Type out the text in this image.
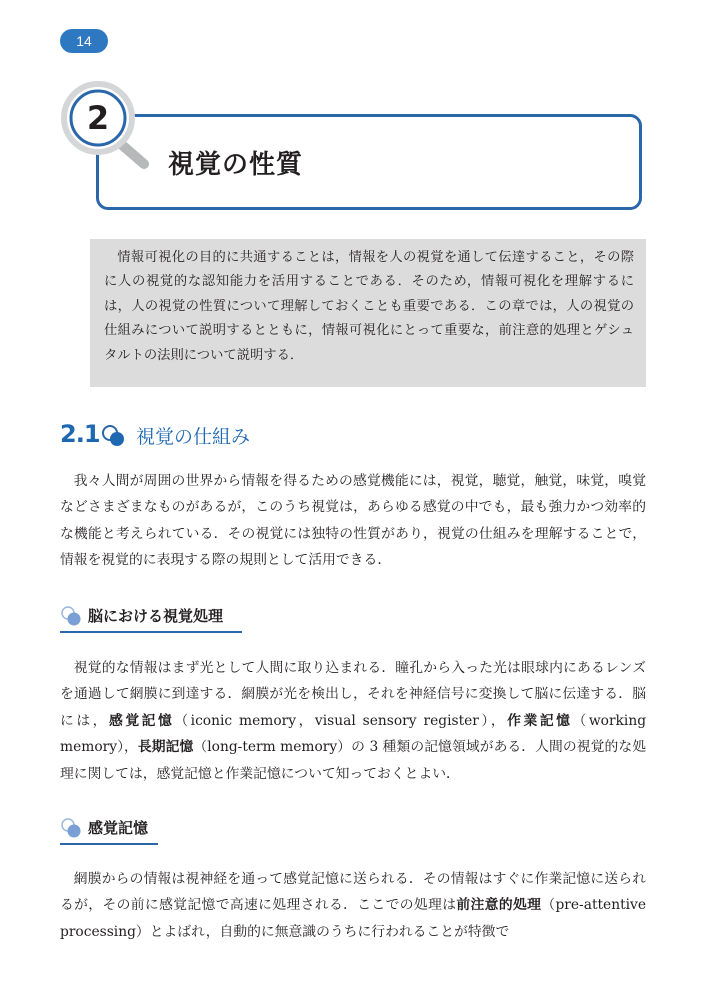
14
2
視覚の性質
情報可視化の目的に共通することは，情報を人の視覚を通して伝達すること，その際に人の視覚的な認知能力を活用することである．そのため，情報可視化を理解するには，人の視覚の性質について理解しておくことも重要である．この章では，人の視覚の仕組みについて説明するとともに，情報可視化にとって重要な，前注意的処理とゲシュタルトの法則について説明する．
2.1 視覚の仕組み

我々人間が周囲の世界から情報を得るための感覚機能には，視覚，聴覚，触覚，味覚，嗅覚などさまざまなものがあるが，このうち視覚は，あらゆる感覚の中でも，最も強力かつ効率的な機能と考えられている．その視覚には独特の性質があり，視覚の仕組みを理解することで，情報を視覚的に表現する際の規則として活用できる．

脳における視覚処理

視覚的な情報はまず光として人間に取り込まれる．瞳孔から入った光は眼球内にあるレンズを通過して網膜に到達する．網膜が光を検出し，それを神経信号に変換して脳に伝達する．脳には，感覚記憶（iconic memory，visual sensory register），作業記憶（working memory），長期記憶（long-term memory）の 3 種類の記憶領域がある．人間の視覚的な処理に関しては，感覚記憶と作業記憶について知っておくとよい．

感覚記憶

網膜からの情報は視神経を通って感覚記憶に送られる．その情報はすぐに作業記憶に送られるが，その前に感覚記憶で高速に処理される．ここでの処理は前注意的処理（pre-attentive processing）とよばれ，自動的に無意識のうちに行われることが特徴で
